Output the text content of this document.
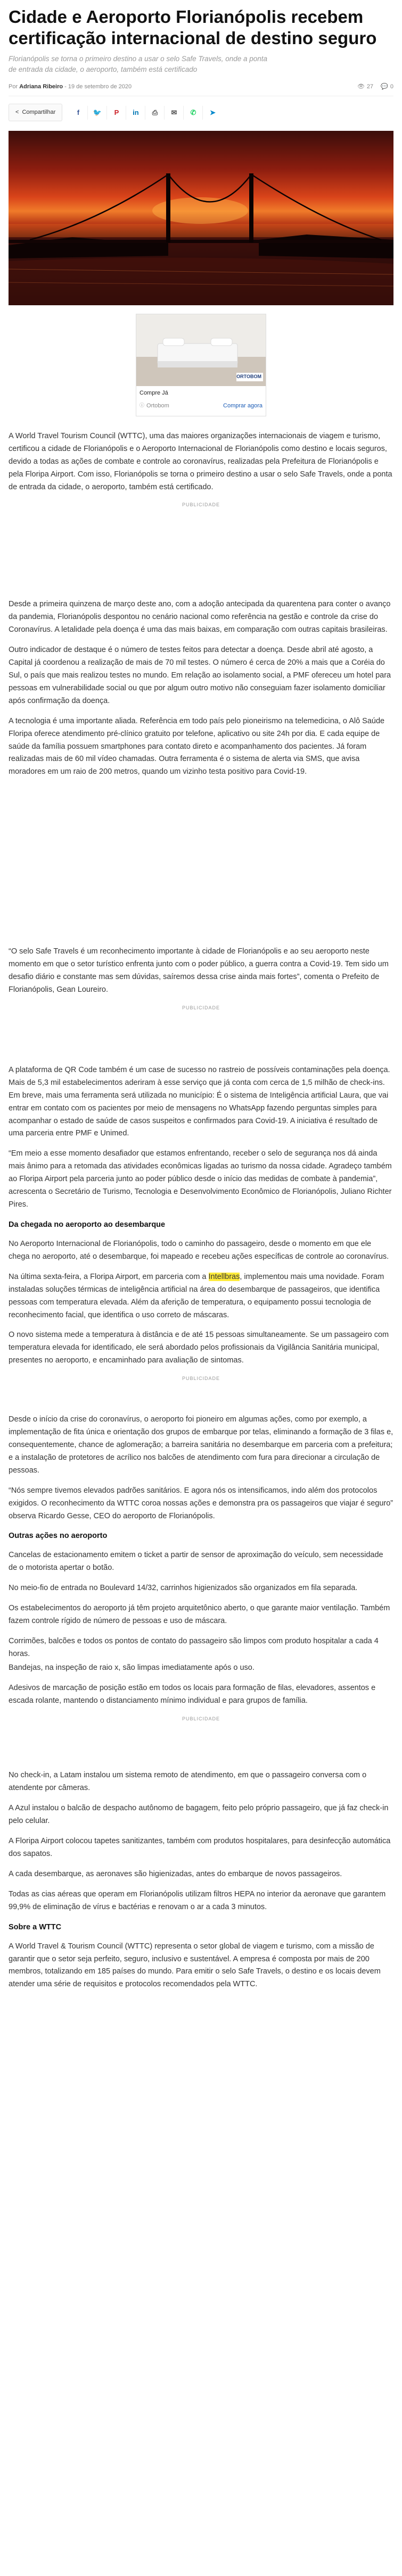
Cidade e Aeroporto Florianópolis recebem certificação internacional de destino seguro
Florianópolis se torna o primeiro destino a usar o selo Safe Travels, onde a ponta de entrada da cidade, o aeroporto, também está certificado
Por Adriana Ribeiro - 19 de setembro de 2020	👁 27 💬 0
< Compartilhar	f	🐦	P	in	⎙	✉	✆	➤
ORTOBOM
Compre Já
ⓘ Ortobom	Comprar agora

A World Travel Tourism Council (WTTC), uma das maiores organizações internacionais de viagem e turismo, certificou a cidade de Florianópolis e o Aeroporto Internacional de Florianópolis como destino e locais seguros, devido a todas as ações de combate e controle ao coronavírus, realizadas pela Prefeitura de Florianópolis e pela Floripa Airport. Com isso, Florianópolis se torna o primeiro destino a usar o selo Safe Travels, onde a ponta de entrada da cidade, o aeroporto, também está certificado.

PUBLICIDADE

Desde a primeira quinzena de março deste ano, com a adoção antecipada da quarentena para conter o avanço da pandemia, Florianópolis despontou no cenário nacional como referência na gestão e controle da crise do Coronavírus. A letalidade pela doença é uma das mais baixas, em comparação com outras capitais brasileiras.

Outro indicador de destaque é o número de testes feitos para detectar a doença. Desde abril até agosto, a Capital já coordenou a realização de mais de 70 mil testes. O número é cerca de 20% a mais que a Coréia do Sul, o país que mais realizou testes no mundo. Em relação ao isolamento social, a PMF ofereceu um hotel para pessoas em vulnerabilidade social ou que por algum outro motivo não conseguiam fazer isolamento domiciliar após confirmação da doença.

A tecnologia é uma importante aliada. Referência em todo país pelo pioneirismo na telemedicina, o Alô Saúde Floripa oferece atendimento pré-clínico gratuito por telefone, aplicativo ou site 24h por dia. E cada equipe de saúde da família possuem smartphones para contato direto e acompanhamento dos pacientes. Já foram realizadas mais de 60 mil vídeo chamadas. Outra ferramenta é o sistema de alerta via SMS, que avisa moradores em um raio de 200 metros, quando um vizinho testa positivo para Covid-19.

“O selo Safe Travels é um reconhecimento importante à cidade de Florianópolis e ao seu aeroporto neste momento em que o setor turístico enfrenta junto com o poder público, a guerra contra a Covid-19. Tem sido um desafio diário e constante mas sem dúvidas, saíremos dessa crise ainda mais fortes”, comenta o Prefeito de Florianópolis, Gean Loureiro.

PUBLICIDADE

A plataforma de QR Code também é um case de sucesso no rastreio de possíveis contaminações pela doença. Mais de 5,3 mil estabelecimentos aderiram à esse serviço que já conta com cerca de 1,5 milhão de check-ins. Em breve, mais uma ferramenta será utilizada no município: É o sistema de Inteligência artificial Laura, que vai entrar em contato com os pacientes por meio de mensagens no WhatsApp fazendo perguntas simples para acompanhar o estado de saúde de casos suspeitos e confirmados para Covid-19. A iniciativa é resultado de uma parceria entre PMF e Unimed.

“Em meio a esse momento desafiador que estamos enfrentando, receber o selo de segurança nos dá ainda mais ânimo para a retomada das atividades econômicas ligadas ao turismo da nossa cidade. Agradeço também ao Floripa Airport pela parceria junto ao poder público desde o início das medidas de combate à pandemia”, acrescenta o Secretário de Turismo, Tecnologia e Desenvolvimento Econômico de Florianópolis, Juliano Richter Pires.

Da chegada no aeroporto ao desembarque

No Aeroporto Internacional de Florianópolis, todo o caminho do passageiro, desde o momento em que ele chega no aeroporto, até o desembarque, foi mapeado e recebeu ações específicas de controle ao coronavírus.

Na última sexta-feira, a Floripa Airport, em parceria com a Intellbras, implementou mais uma novidade. Foram instaladas soluções térmicas de inteligência artificial na área do desembarque de passageiros, que identifica pessoas com temperatura elevada. Além da aferição de temperatura, o equipamento possui tecnologia de reconhecimento facial, que identifica o uso correto de máscaras.

O novo sistema mede a temperatura à distância e de até 15 pessoas simultaneamente. Se um passageiro com temperatura elevada for identificado, ele será abordado pelos profissionais da Vigilância Sanitária municipal, presentes no aeroporto, e encaminhado para avaliação de sintomas.

PUBLICIDADE

Desde o início da crise do coronavírus, o aeroporto foi pioneiro em algumas ações, como por exemplo, a implementação de fita única e orientação dos grupos de embarque por telas, eliminando a formação de 3 filas e, consequentemente, chance de aglomeração; a barreira sanitária no desembarque em parceria com a prefeitura; e a instalação de protetores de acrílico nos balcões de atendimento com fura para direcionar a circulação de pessoas.

“Nós sempre tivemos elevados padrões sanitários. E agora nós os intensificamos, indo além dos protocolos exigidos. O reconhecimento da WTTC coroa nossas ações e demonstra pra os passageiros que viajar é seguro” observa Ricardo Gesse, CEO do aeroporto de Florianópolis.

Outras ações no aeroporto

Cancelas de estacionamento emitem o ticket a partir de sensor de aproximação do veículo, sem necessidade de o motorista apertar o botão.

No meio-fio de entrada no Boulevard 14/32, carrinhos higienizados são organizados em fila separada.

Os estabelecimentos do aeroporto já têm projeto arquitetônico aberto, o que garante maior ventilação. Também fazem controle rígido de número de pessoas e uso de máscara.

Corrimões, balcões e todos os pontos de contato do passageiro são limpos com produto hospitalar a cada 4 horas.

Bandejas, na inspeção de raio x, são limpas imediatamente após o uso.

Adesivos de marcação de posição estão em todos os locais para formação de filas, elevadores, assentos e escada rolante, mantendo o distanciamento mínimo individual e para grupos de família.

PUBLICIDADE

No check-in, a Latam instalou um sistema remoto de atendimento, em que o passageiro conversa com o atendente por câmeras.

A Azul instalou o balcão de despacho autônomo de bagagem, feito pelo próprio passageiro, que já faz check-in pelo celular.

A Floripa Airport colocou tapetes sanitizantes, também com produtos hospitalares, para desinfecção automática dos sapatos.

A cada desembarque, as aeronaves são higienizadas, antes do embarque de novos passageiros.

Todas as cias aéreas que operam em Florianópolis utilizam filtros HEPA no interior da aeronave que garantem 99,9% de eliminação de vírus e bactérias e renovam o ar a cada 3 minutos.

Sobre a WTTC

A World Travel & Tourism Council (WTTC) representa o setor global de viagem e turismo, com a missão de garantir que o setor seja perfeito, seguro, inclusivo e sustentável. A empresa é composta por mais de 200 membros, totalizando em 185 países do mundo. Para emitir o selo Safe Travels, o destino e os locais devem atender uma série de requisitos e protocolos recomendados pela WTTC.
